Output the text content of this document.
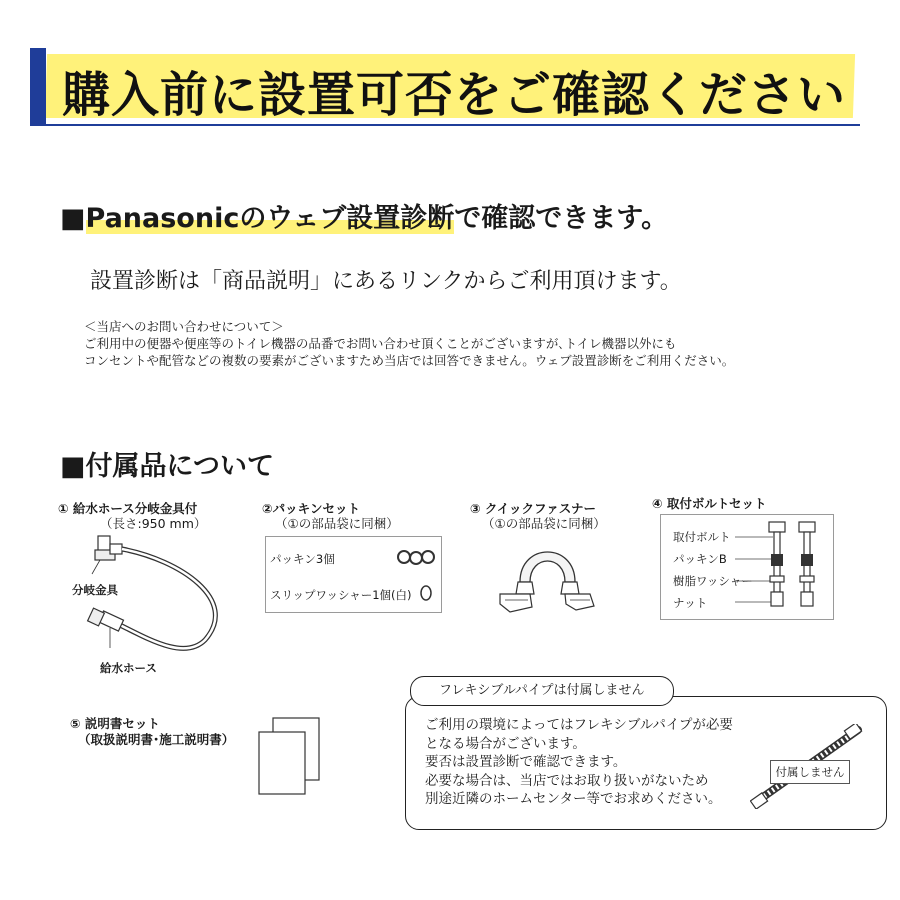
購入前に設置可否をご確認ください
■Panasonicのウェブ設置診断で確認できます。
設置診断は「商品説明」にあるリンクからご利用頂けます。
＜当店へのお問い合わせについて＞
ご利用中の便器や便座等のトイレ機器の品番でお問い合わせ頂くことがございますが､トイレ機器以外にも
コンセントや配管などの複数の要素がございますため当店では回答できません。ウェブ設置診断をご利用ください。
■付属品について
① 給水ホース分岐金具付
（長さ:950 mm）
分岐金具
給水ホース
②パッキンセット
（①の部品袋に同梱）
パッキン3個
スリップワッシャー1個(白)
③ クイックファスナー
（①の部品袋に同梱）
④ 取付ボルトセット
取付ボルト
パッキンB
樹脂ワッシャー
ナット
⑤ 説明書セット
（取扱説明書･施工説明書）
フレキシブルパイプは付属しません
ご利用の環境によってはフレキシブルパイプが必要
となる場合がございます。
要否は設置診断で確認できます。
必要な場合は、当店ではお取り扱いがないため
別途近隣のホームセンター等でお求めください。
付属しません
